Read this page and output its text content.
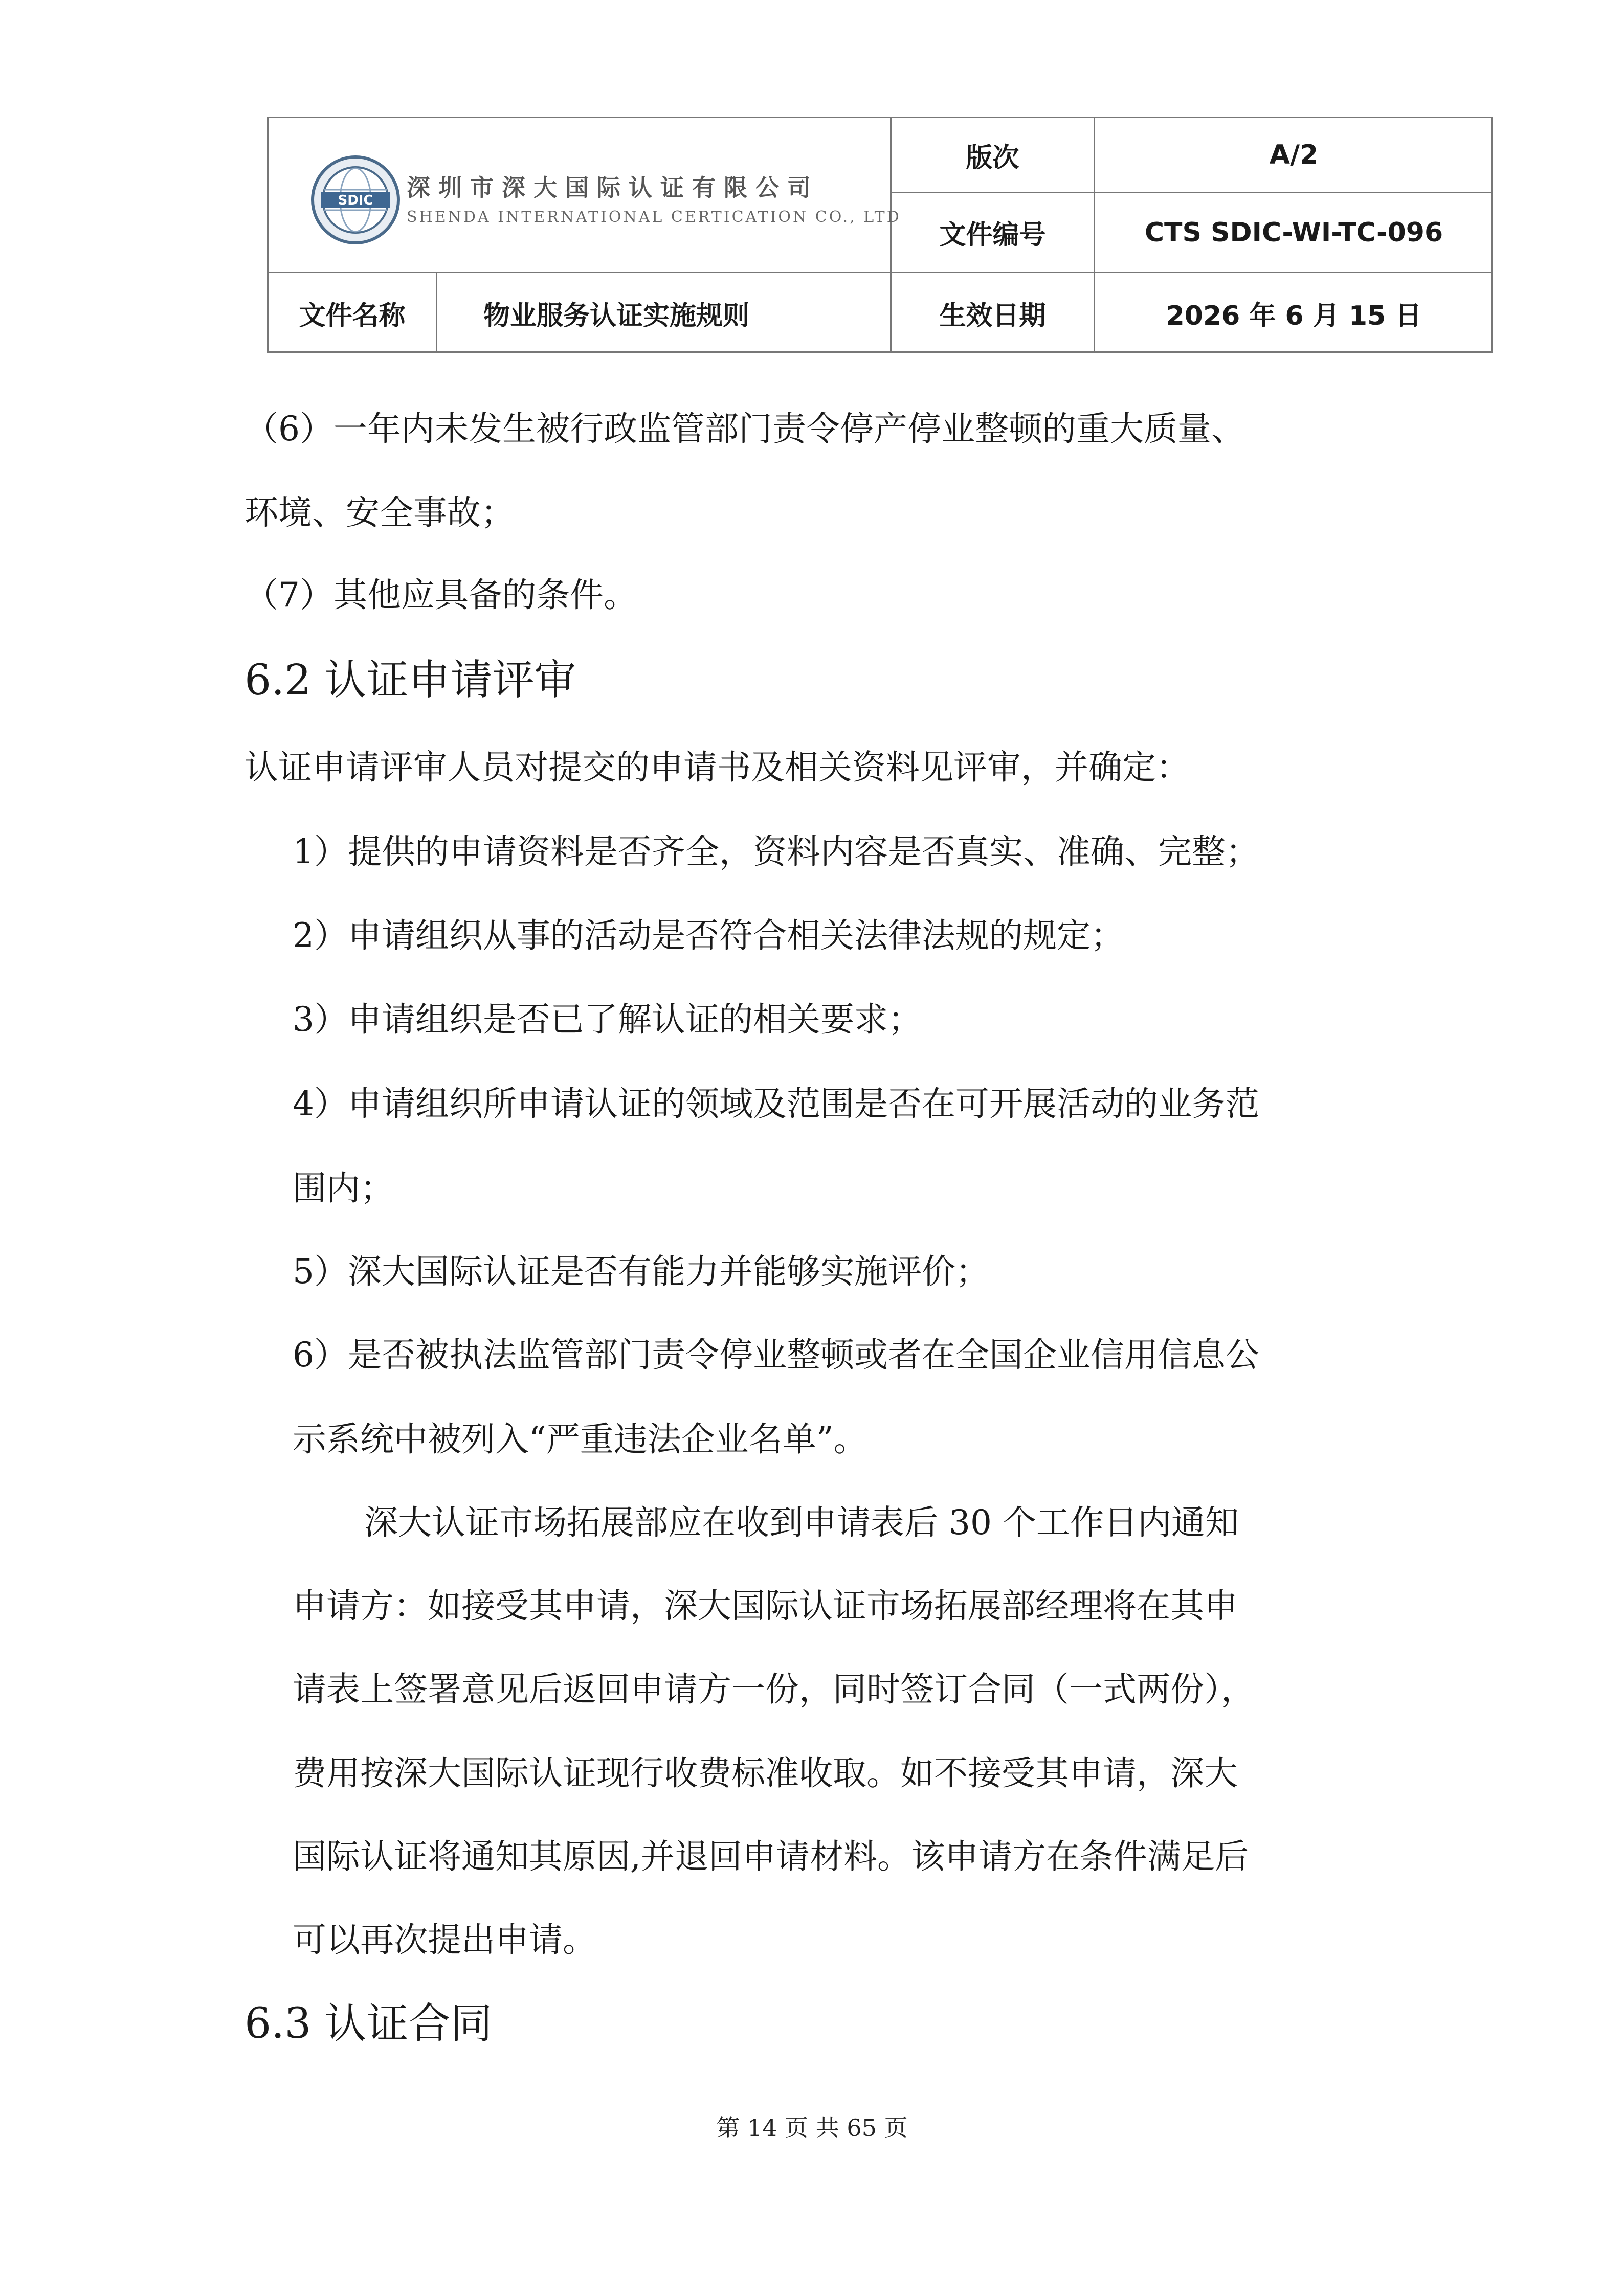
SDIC 深圳市深大国际认证有限公司
SHENDA INTERNATIONAL CERTICATION CO., LTD
版次	A/2
文件编号	CTS SDIC-WI-TC-096
文件名称	物业服务认证实施规则	生效日期	2026 年 6 月 15 日
（6）一年内未发生被行政监管部门责令停产停业整顿的重大质量、
环境、安全事故；
（7）其他应具备的条件。
6.2 认证申请评审
认证申请评审人员对提交的申请书及相关资料见评审，并确定：
1）提供的申请资料是否齐全，资料内容是否真实、准确、完整；
2）申请组织从事的活动是否符合相关法律法规的规定；
3）申请组织是否已了解认证的相关要求；
4）申请组织所申请认证的领域及范围是否在可开展活动的业务范
围内；
5）深大国际认证是否有能力并能够实施评价；
6）是否被执法监管部门责令停业整顿或者在全国企业信用信息公
示系统中被列入“严重违法企业名单”。
深大认证市场拓展部应在收到申请表后 30 个工作日内通知
申请方：如接受其申请，深大国际认证市场拓展部经理将在其申
请表上签署意见后返回申请方一份，同时签订合同（一式两份），
费用按深大国际认证现行收费标准收取。如不接受其申请，深大
国际认证将通知其原因,并退回申请材料。该申请方在条件满足后
可以再次提出申请。
6.3 认证合同
第 14 页 共 65 页
